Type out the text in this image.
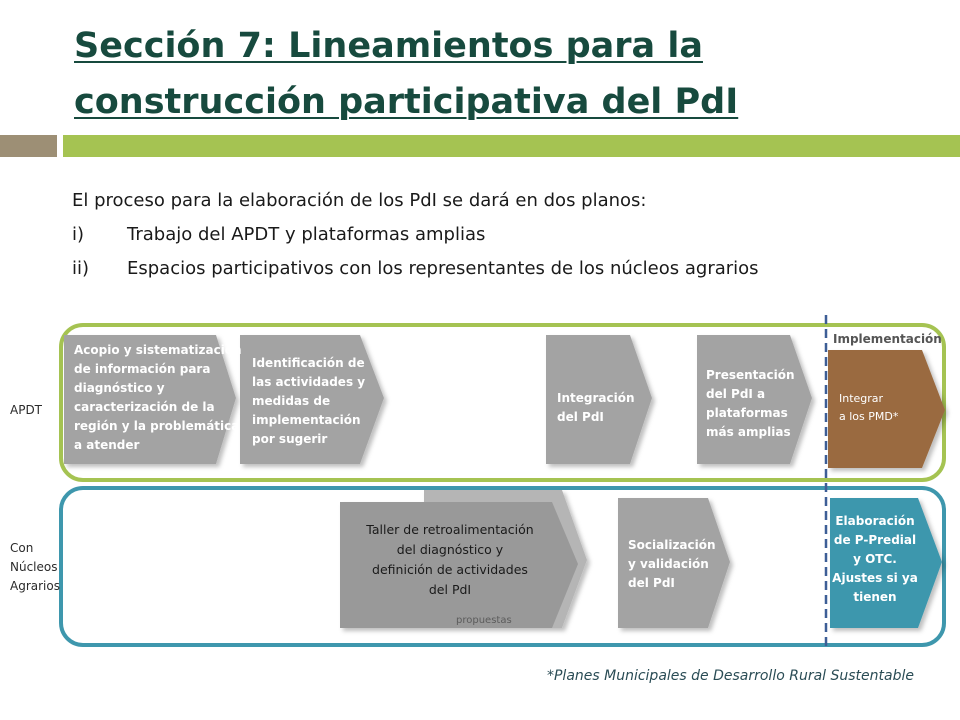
Sección 7: Lineamientos para la
construcción participativa del PdI
El proceso para la elaboración de los PdI se dará en dos planos:
i)	Trabajo del APDT y plataformas amplias
ii)	Espacios participativos con los representantes de los núcleos agrarios
APDT
Con
Núcleos
Agrarios
Implementación
Acopio y sistematización
de información para
diagnóstico y
caracterización de la
región y la problemática
a atender
Identificación de
las actividades y
medidas de
implementación
por sugerir
Integración
del PdI
Presentación
del PdI a
plataformas
más amplias
Integrar
a los PMD*
propuestas
Taller de retroalimentación
del diagnóstico y
definición de actividades
del PdI
Socialización
y validación
del PdI
Elaboración
de P-Predial
y OTC.
Ajustes si ya
tienen
*Planes Municipales de Desarrollo Rural Sustentable
